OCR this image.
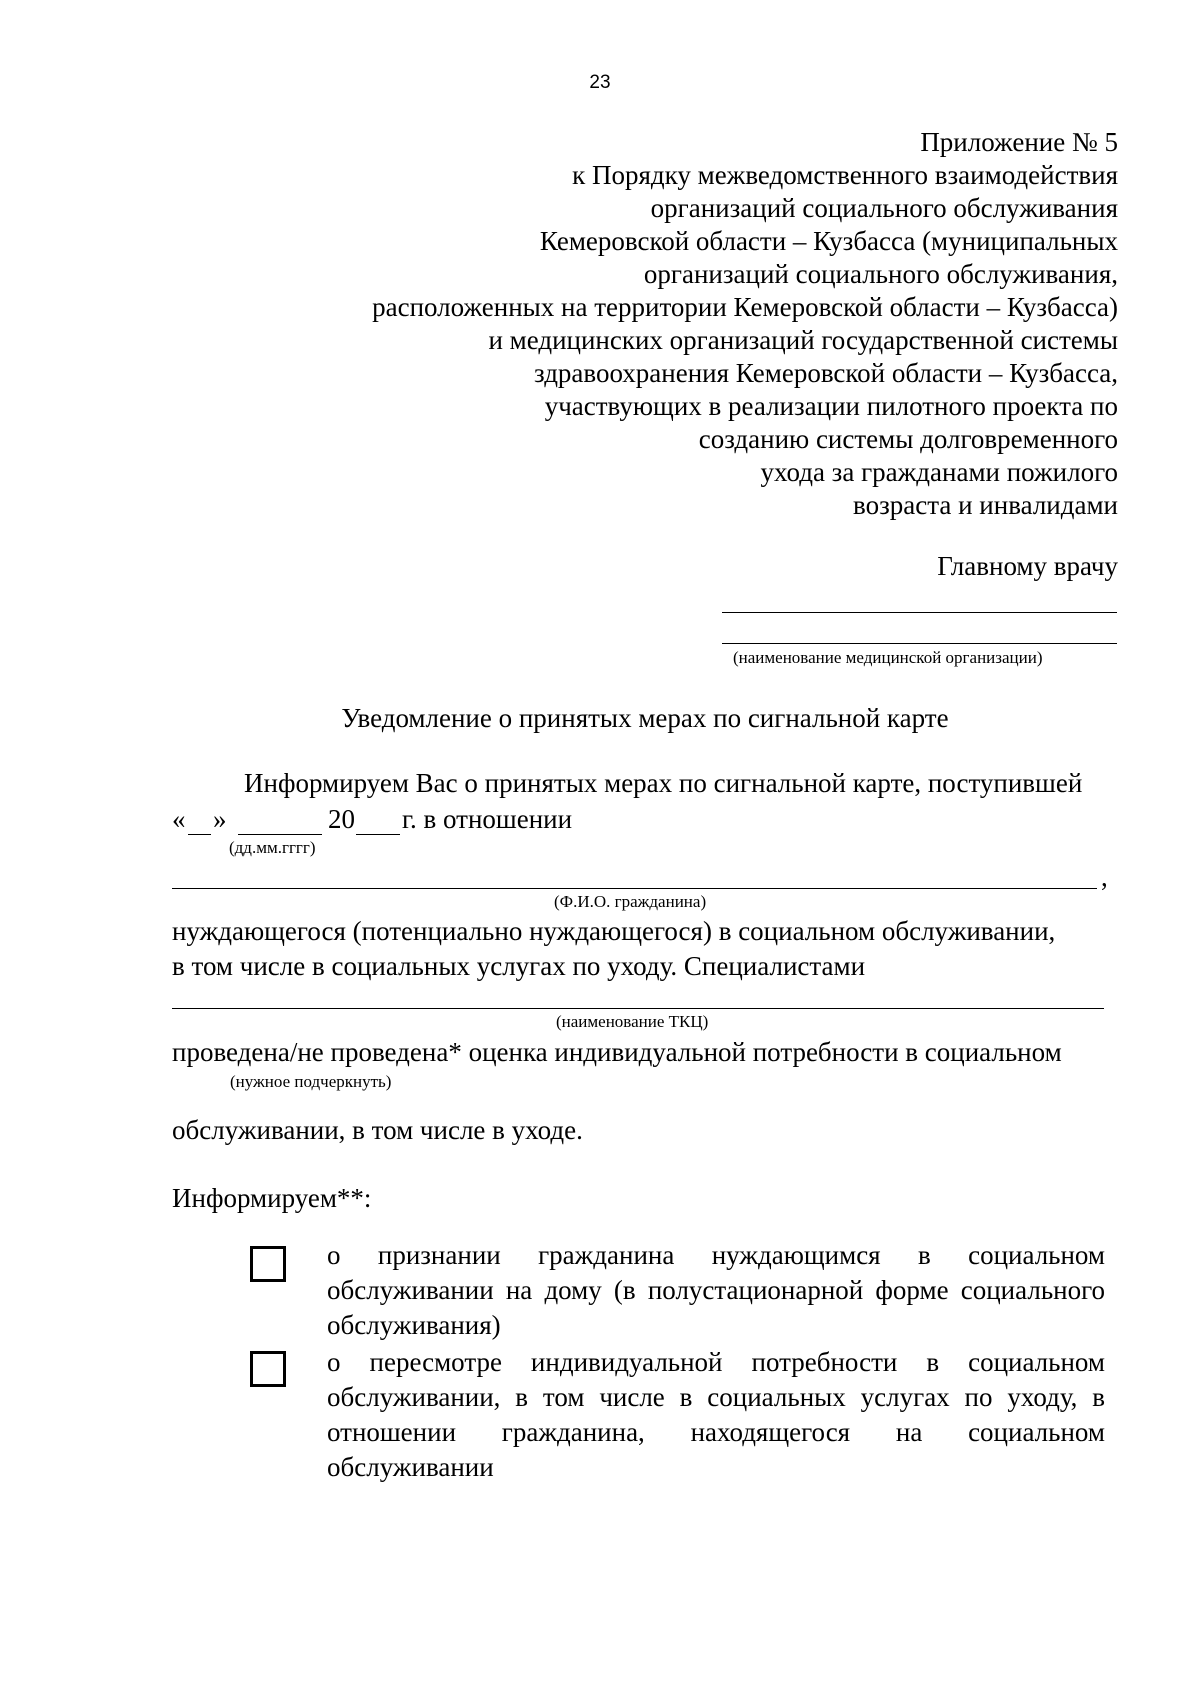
23
Приложение № 5
к Порядку межведомственного взаимодействия
организаций социального обслуживания
Кемеровской области – Кузбасса (муниципальных
организаций социального обслуживания,
расположенных на территории Кемеровской области – Кузбасса)
и медицинских организаций государственной системы
здравоохранения Кемеровской области – Кузбасса,
участвующих в реализации пилотного проекта по
созданию системы долговременного
ухода за гражданами пожилого
возраста и инвалидами
Главному врачу
(наименование медицинской организации)
Уведомление о принятых мерах по сигнальной карте
Информируем Вас о принятых мерах по сигнальной карте, поступившей
« »	20 г. в отношении
(дд.мм.гггг)
,
(Ф.И.О. гражданина)
нуждающегося (потенциально нуждающегося) в социальном обслуживании,
в том числе в социальных услугах по уходу. Специалистами
(наименование ТКЦ)
проведена/не проведена* оценка индивидуальной потребности в социальном
(нужное подчеркнуть)
обслуживании, в том числе в уходе.
Информируем**:
о признании гражданина нуждающимся в социальном обслуживании на дому (в полустационарной форме социального обслуживания)
о пересмотре индивидуальной потребности в социальном обслуживании, в том числе в социальных услугах по уходу, в отношении гражданина, находящегося на социальном обслуживании
